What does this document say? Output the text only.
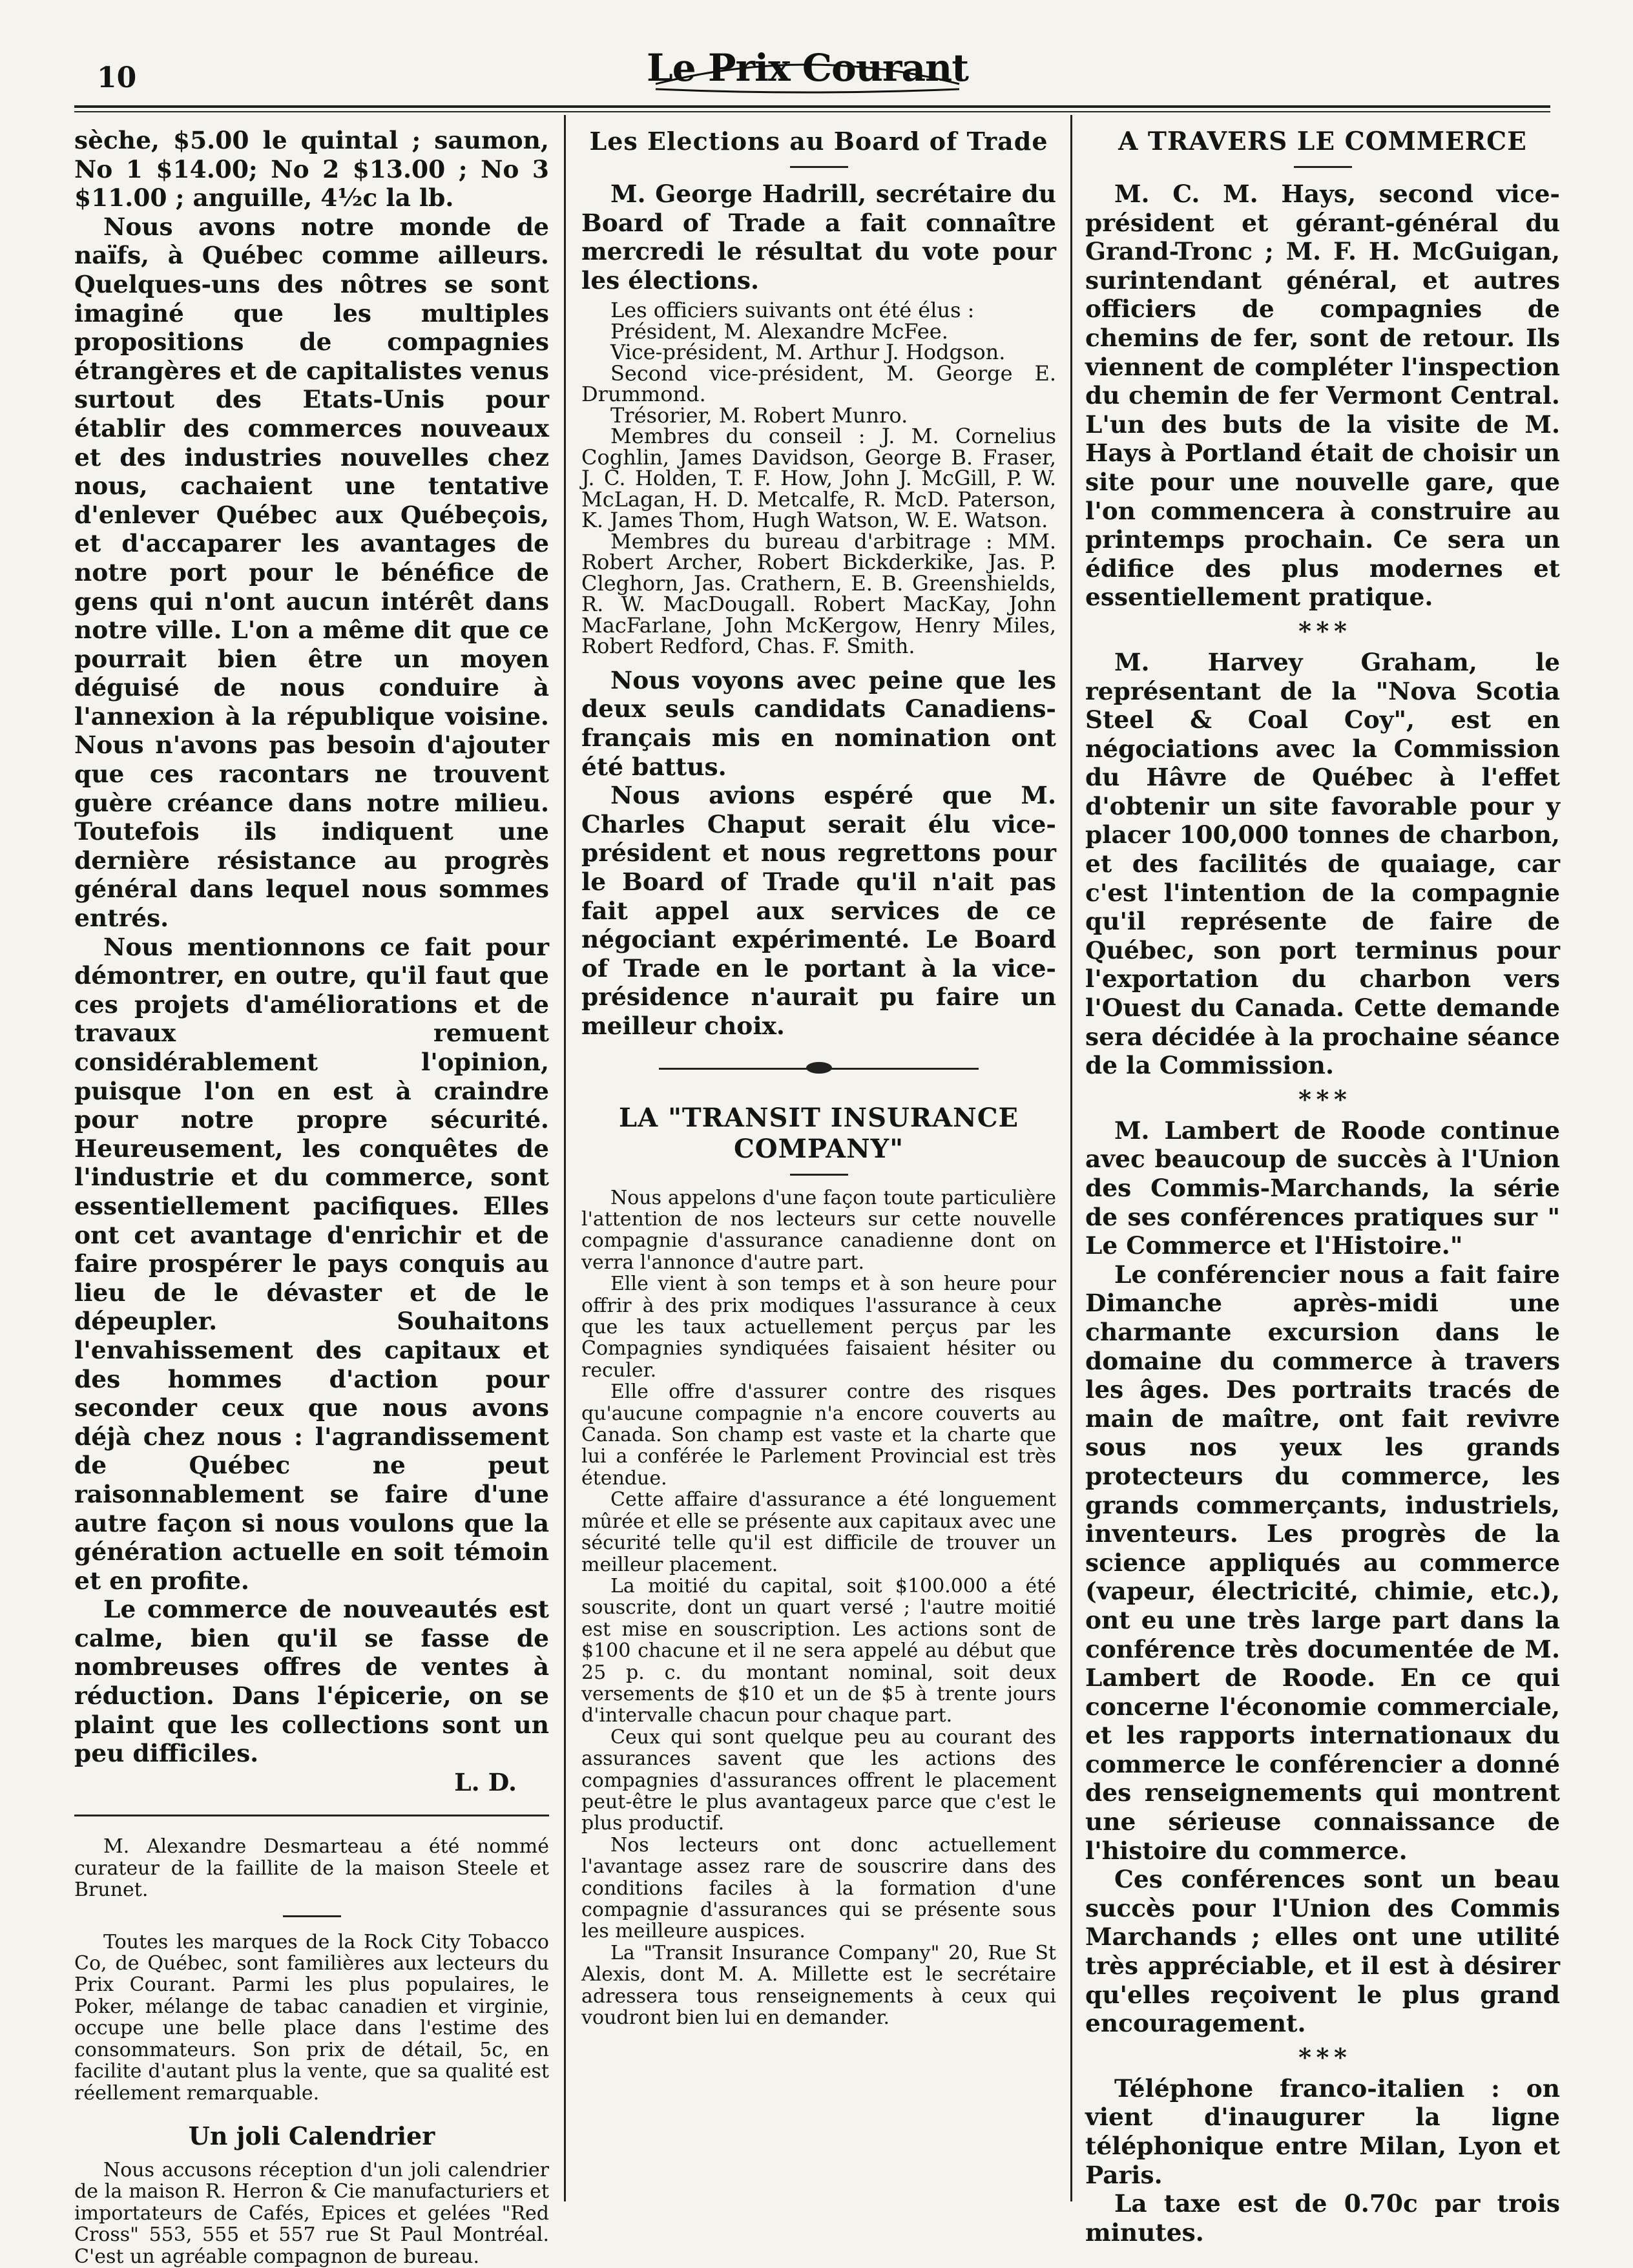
10	Le Prix Courant

sèche, $5.00 le quintal ; saumon, No 1 $14.00; No 2 $13.00 ; No 3 $11.00 ; anguille, 4½c la lb.

Nous avons notre monde de naïfs, à Québec comme ailleurs. Quelques-uns des nôtres se sont imaginé que les multiples propositions de compagnies étrangères et de capitalistes venus surtout des Etats-Unis pour établir des commerces nouveaux et des industries nouvelles chez nous, cachaient une tentative d'enlever Québec aux Québeçois, et d'accaparer les avantages de notre port pour le bénéfice de gens qui n'ont aucun intérêt dans notre ville. L'on a même dit que ce pourrait bien être un moyen déguisé de nous conduire à l'annexion à la république voisine. Nous n'avons pas besoin d'ajouter que ces racontars ne trouvent guère créance dans notre milieu. Toutefois ils indiquent une dernière résistance au progrès général dans lequel nous sommes entrés.

Nous mentionnons ce fait pour démontrer, en outre, qu'il faut que ces projets d'améliorations et de travaux remuent considérablement l'opinion, puisque l'on en est à craindre pour notre propre sécurité. Heureusement, les conquêtes de l'industrie et du commerce, sont essentiellement pacifiques. Elles ont cet avantage d'enrichir et de faire prospérer le pays conquis au lieu de le dévaster et de le dépeupler. Souhaitons l'envahissement des capitaux et des hommes d'action pour seconder ceux que nous avons déjà chez nous : l'agrandissement de Québec ne peut raisonnablement se faire d'une autre façon si nous voulons que la génération actuelle en soit témoin et en profite.

Le commerce de nouveautés est calme, bien qu'il se fasse de nombreuses offres de ventes à réduction. Dans l'épicerie, on se plaint que les collections sont un peu difficiles.

L. D.

M. Alexandre Desmarteau a été nommé curateur de la faillite de la maison Steele et Brunet.

Toutes les marques de la Rock City Tobacco Co, de Québec, sont familières aux lecteurs du Prix Courant. Parmi les plus populaires, le Poker, mélange de tabac canadien et virginie, occupe une belle place dans l'estime des consommateurs. Son prix de détail, 5c, en facilite d'autant plus la vente, que sa qualité est réellement remarquable.

Un joli Calendrier

Nous accusons réception d'un joli calendrier de la maison R. Herron & Cie manufacturiers et importateurs de Cafés, Epices et gelées "Red Cross" 553, 555 et 557 rue St Paul Montréal. C'est un agréable compagnon de bureau.

Les Elections au Board of Trade

M. George Hadrill, secrétaire du Board of Trade a fait connaître mercredi le résultat du vote pour les élections.

Les officiers suivants ont été élus :

Président, M. Alexandre McFee.

Vice-président, M. Arthur J. Hodgson.

Second vice-président, M. George E. Drummond.

Trésorier, M. Robert Munro.

Membres du conseil : J. M. Cornelius Coghlin, James Davidson, George B. Fraser, J. C. Holden, T. F. How, John J. McGill, P. W. McLagan, H. D. Metcalfe, R. McD. Paterson, K. James Thom, Hugh Watson, W. E. Watson.

Membres du bureau d'arbitrage : MM. Robert Archer, Robert Bickderkike, Jas. P. Cleghorn, Jas. Crathern, E. B. Greenshields, R. W. MacDougall. Robert MacKay, John MacFarlane, John McKergow, Henry Miles, Robert Redford, Chas. F. Smith.

Nous voyons avec peine que les deux seuls candidats Canadiens-français mis en nomination ont été battus.

Nous avions espéré que M. Charles Chaput serait élu vice-président et nous regrettons pour le Board of Trade qu'il n'ait pas fait appel aux services de ce négociant expérimenté. Le Board of Trade en le portant à la vice-présidence n'aurait pu faire un meilleur choix.

LA "TRANSIT INSURANCE COMPANY"

Nous appelons d'une façon toute particulière l'attention de nos lecteurs sur cette nouvelle compagnie d'assurance canadienne dont on verra l'annonce d'autre part.

Elle vient à son temps et à son heure pour offrir à des prix modiques l'assurance à ceux que les taux actuellement perçus par les Compagnies syndiquées faisaient hésiter ou reculer.

Elle offre d'assurer contre des risques qu'aucune compagnie n'a encore couverts au Canada. Son champ est vaste et la charte que lui a conférée le Parlement Provincial est très étendue.

Cette affaire d'assurance a été longuement mûrée et elle se présente aux capitaux avec une sécurité telle qu'il est difficile de trouver un meilleur placement.

La moitié du capital, soit $100.000 a été souscrite, dont un quart versé ; l'autre moitié est mise en souscription. Les actions sont de $100 chacune et il ne sera appelé au début que 25 p. c. du montant nominal, soit deux versements de $10 et un de $5 à trente jours d'intervalle chacun pour chaque part.

Ceux qui sont quelque peu au courant des assurances savent que les actions des compagnies d'assurances offrent le placement peut-être le plus avantageux parce que c'est le plus productif.

Nos lecteurs ont donc actuellement l'avantage assez rare de souscrire dans des conditions faciles à la formation d'une compagnie d'assurances qui se présente sous les meilleure auspices.

La "Transit Insurance Company" 20, Rue St Alexis, dont M. A. Millette est le secrétaire adressera tous renseignements à ceux qui voudront bien lui en demander.

A TRAVERS LE COMMERCE

M. C. M. Hays, second vice-président et gérant-général du Grand-Tronc ; M. F. H. McGuigan, surintendant général, et autres officiers de compagnies de chemins de fer, sont de retour. Ils viennent de compléter l'inspection du chemin de fer Vermont Central. L'un des buts de la visite de M. Hays à Portland était de choisir un site pour une nouvelle gare, que l'on commencera à construire au printemps prochain. Ce sera un édifice des plus modernes et essentiellement pratique.

* * *

M. Harvey Graham, le représentant de la "Nova Scotia Steel & Coal Coy", est en négociations avec la Commission du Hâvre de Québec à l'effet d'obtenir un site favorable pour y placer 100,000 tonnes de charbon, et des facilités de quaiage, car c'est l'intention de la compagnie qu'il représente de faire de Québec, son port terminus pour l'exportation du charbon vers l'Ouest du Canada. Cette demande sera décidée à la prochaine séance de la Commission.

* * *

M. Lambert de Roode continue avec beaucoup de succès à l'Union des Commis-Marchands, la série de ses conférences pratiques sur " Le Commerce et l'Histoire."

Le conférencier nous a fait faire Dimanche après-midi une charmante excursion dans le domaine du commerce à travers les âges. Des portraits tracés de main de maître, ont fait revivre sous nos yeux les grands protecteurs du commerce, les grands commerçants, industriels, inventeurs. Les progrès de la science appliqués au commerce (vapeur, électricité, chimie, etc.), ont eu une très large part dans la conférence très documentée de M. Lambert de Roode. En ce qui concerne l'économie commerciale, et les rapports internationaux du commerce le conférencier a donné des renseignements qui montrent une sérieuse connaissance de l'histoire du commerce.

Ces conférences sont un beau succès pour l'Union des Commis Marchands ; elles ont une utilité très appréciable, et il est à désirer qu'elles reçoivent le plus grand encouragement.

* * *

Téléphone franco-italien : on vient d'inaugurer la ligne téléphonique entre Milan, Lyon et Paris.

La taxe est de 0.70c par trois minutes.
